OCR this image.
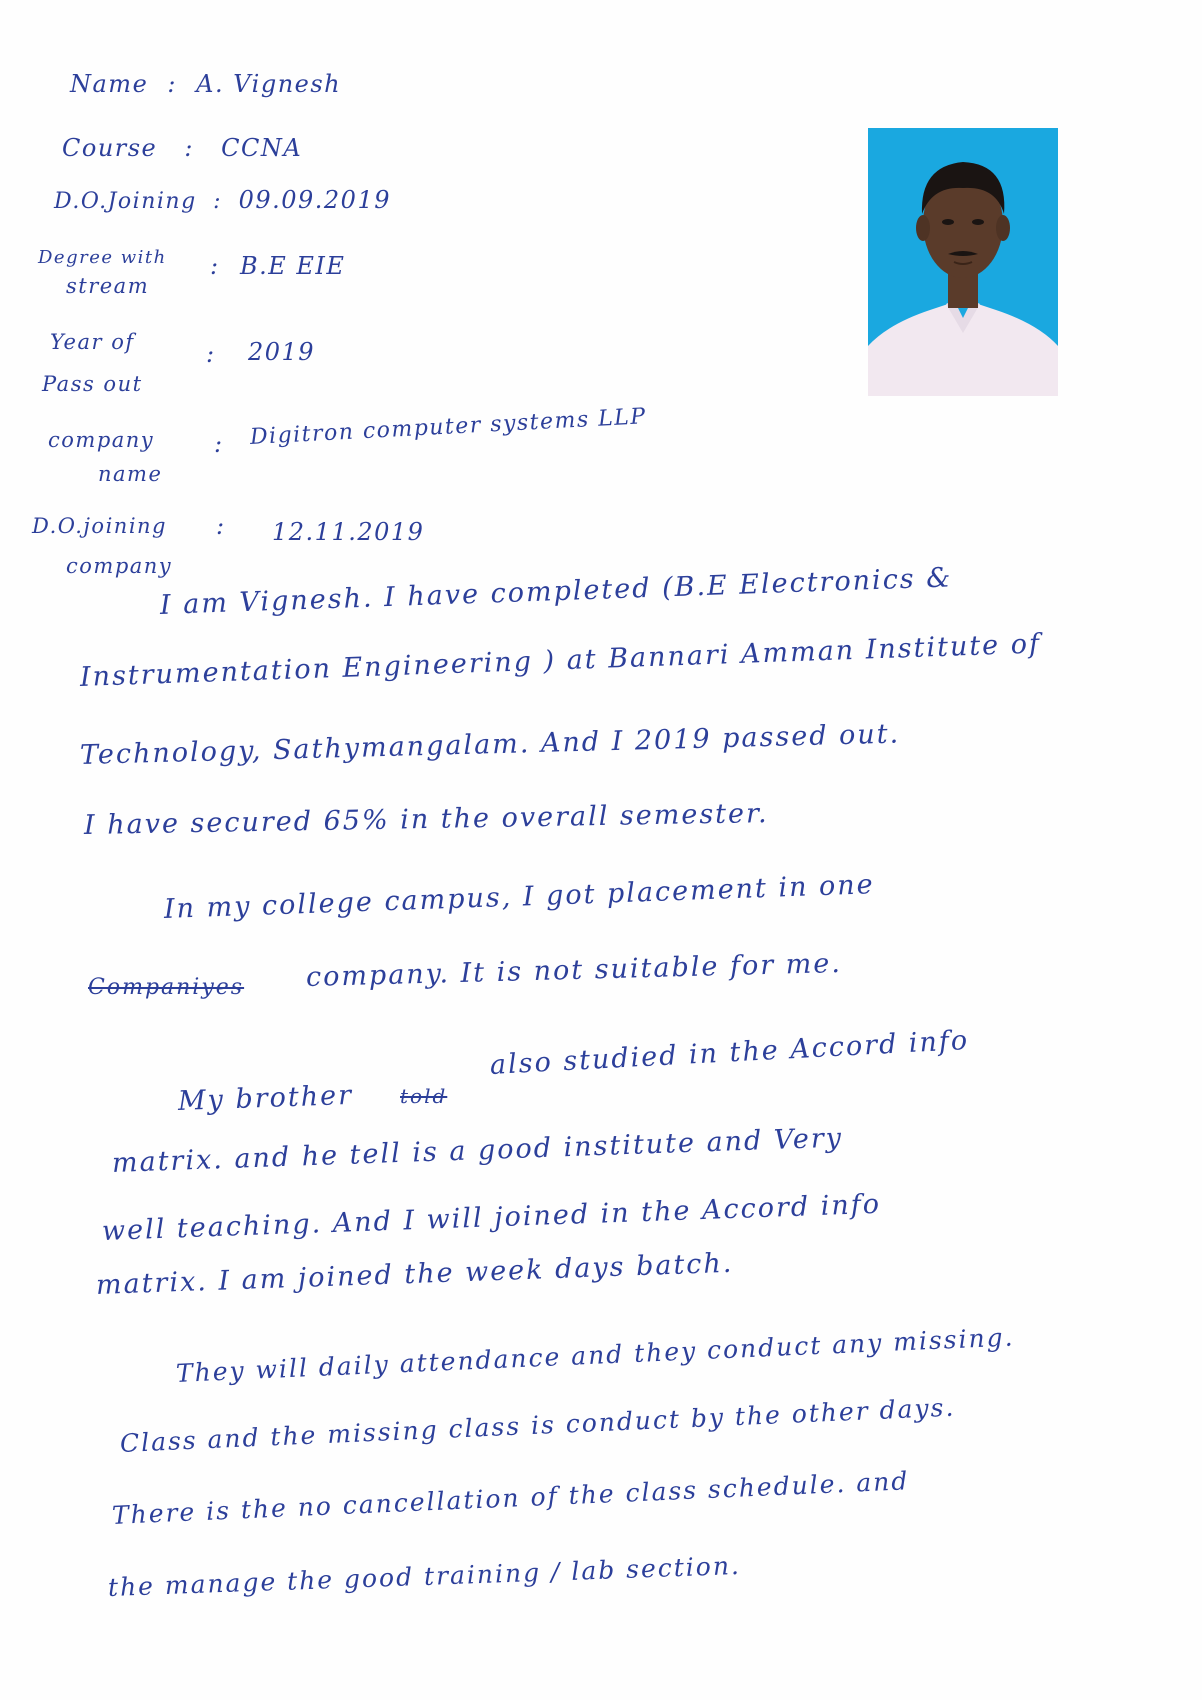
Name : A. Vignesh
Course : CCNA
D.O.Joining : 09.09.2019
Degree with
stream
: B.E EIE
Year of
Pass out
: 2019
company
name
: Digitron computer systems LLP
D.O.joining
company
: 12.11.2019
I am Vignesh. I have completed (B.E Electronics &
Instrumentation Engineering ) at Bannari Amman Institute of
Technology, Sathymangalam. And I 2019 passed out.
I have secured 65% in the overall semester.
In my college campus, I got placement in one
Companiyes company. It is not suitable for me.
My brother told
also studied in the Accord info
matrix. and he tell is a good institute and Very
well teaching. And I will joined in the Accord info
matrix. I am joined the week days batch.
They will daily attendance and they conduct any missing.
Class and the missing class is conduct by the other days.
There is the no cancellation of the class schedule. and
the manage the good training / lab section.
